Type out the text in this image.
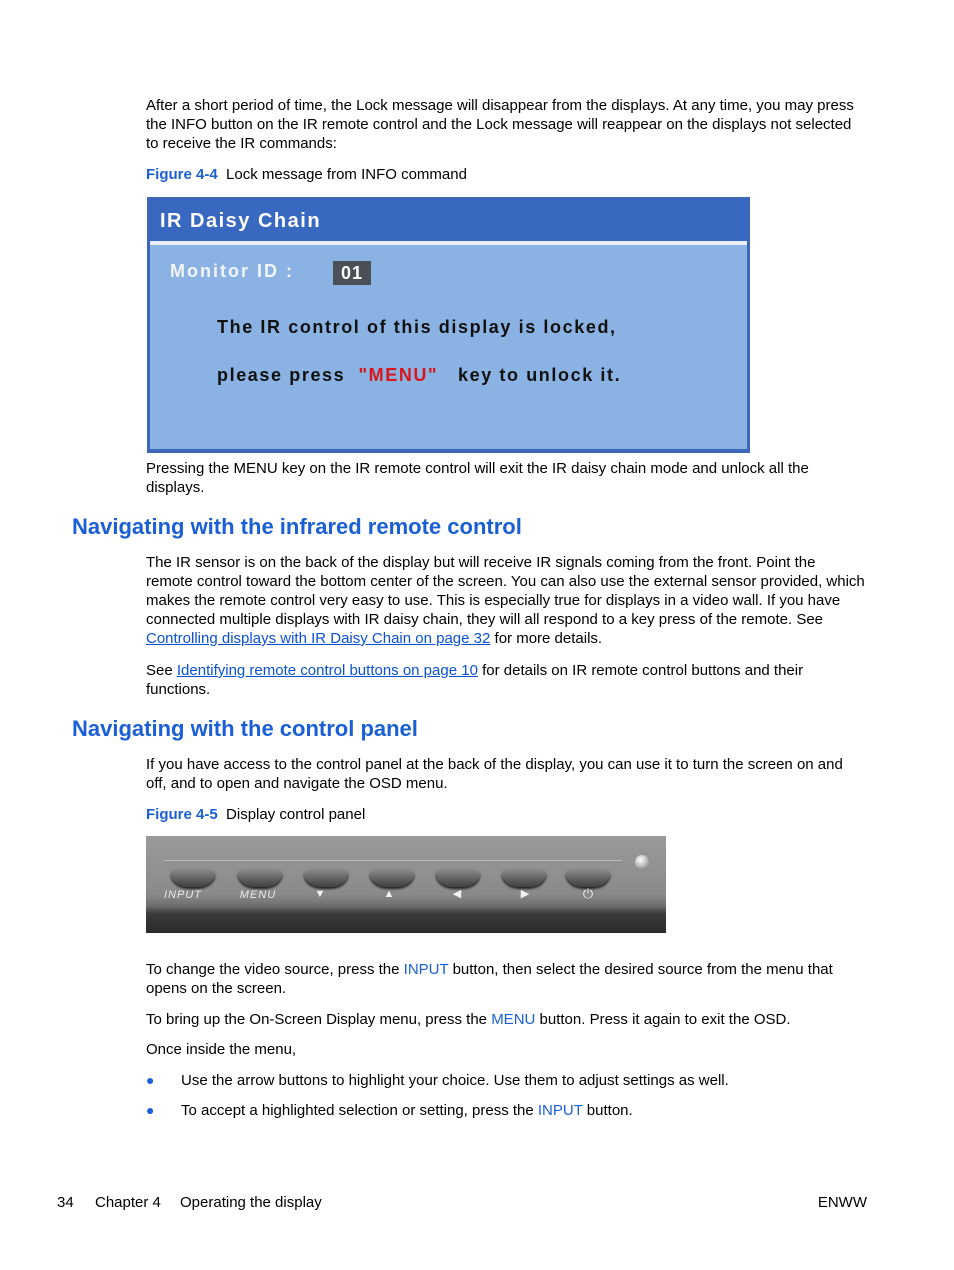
After a short period of time, the Lock message will disappear from the displays. At any time, you may press the INFO button on the IR remote control and the Lock message will reappear on the displays not selected to receive the IR commands:

Figure 4-4 Lock message from INFO command
IR Daisy Chain
Monitor ID :	01
The IR control of this display is locked,
please press "MENU" key to unlock it.

Pressing the MENU key on the IR remote control will exit the IR daisy chain mode and unlock all the displays.

Navigating with the infrared remote control

The IR sensor is on the back of the display but will receive IR signals coming from the front. Point the remote control toward the bottom center of the screen. You can also use the external sensor provided, which makes the remote control very easy to use. This is especially true for displays in a video wall. If you have connected multiple displays with IR daisy chain, they will all respond to a key press of the remote. See Controlling displays with IR Daisy Chain on page 32 for more details.

See Identifying remote control buttons on page 10 for details on IR remote control buttons and their functions.

Navigating with the control panel

If you have access to the control panel at the back of the display, you can use it to turn the screen on and off, and to open and navigate the OSD menu.

Figure 4-5 Display control panel
INPUT	MENU	▼	▲	◀	▶	⏻

To change the video source, press the INPUT button, then select the desired source from the menu that opens on the screen.

To bring up the On-Screen Display menu, press the MENU button. Press it again to exit the OSD.

Once inside the menu,

● Use the arrow buttons to highlight your choice. Use them to adjust settings as well.

● To accept a highlighted selection or setting, press the INPUT button.

34 Chapter 4 Operating the display	ENWW
